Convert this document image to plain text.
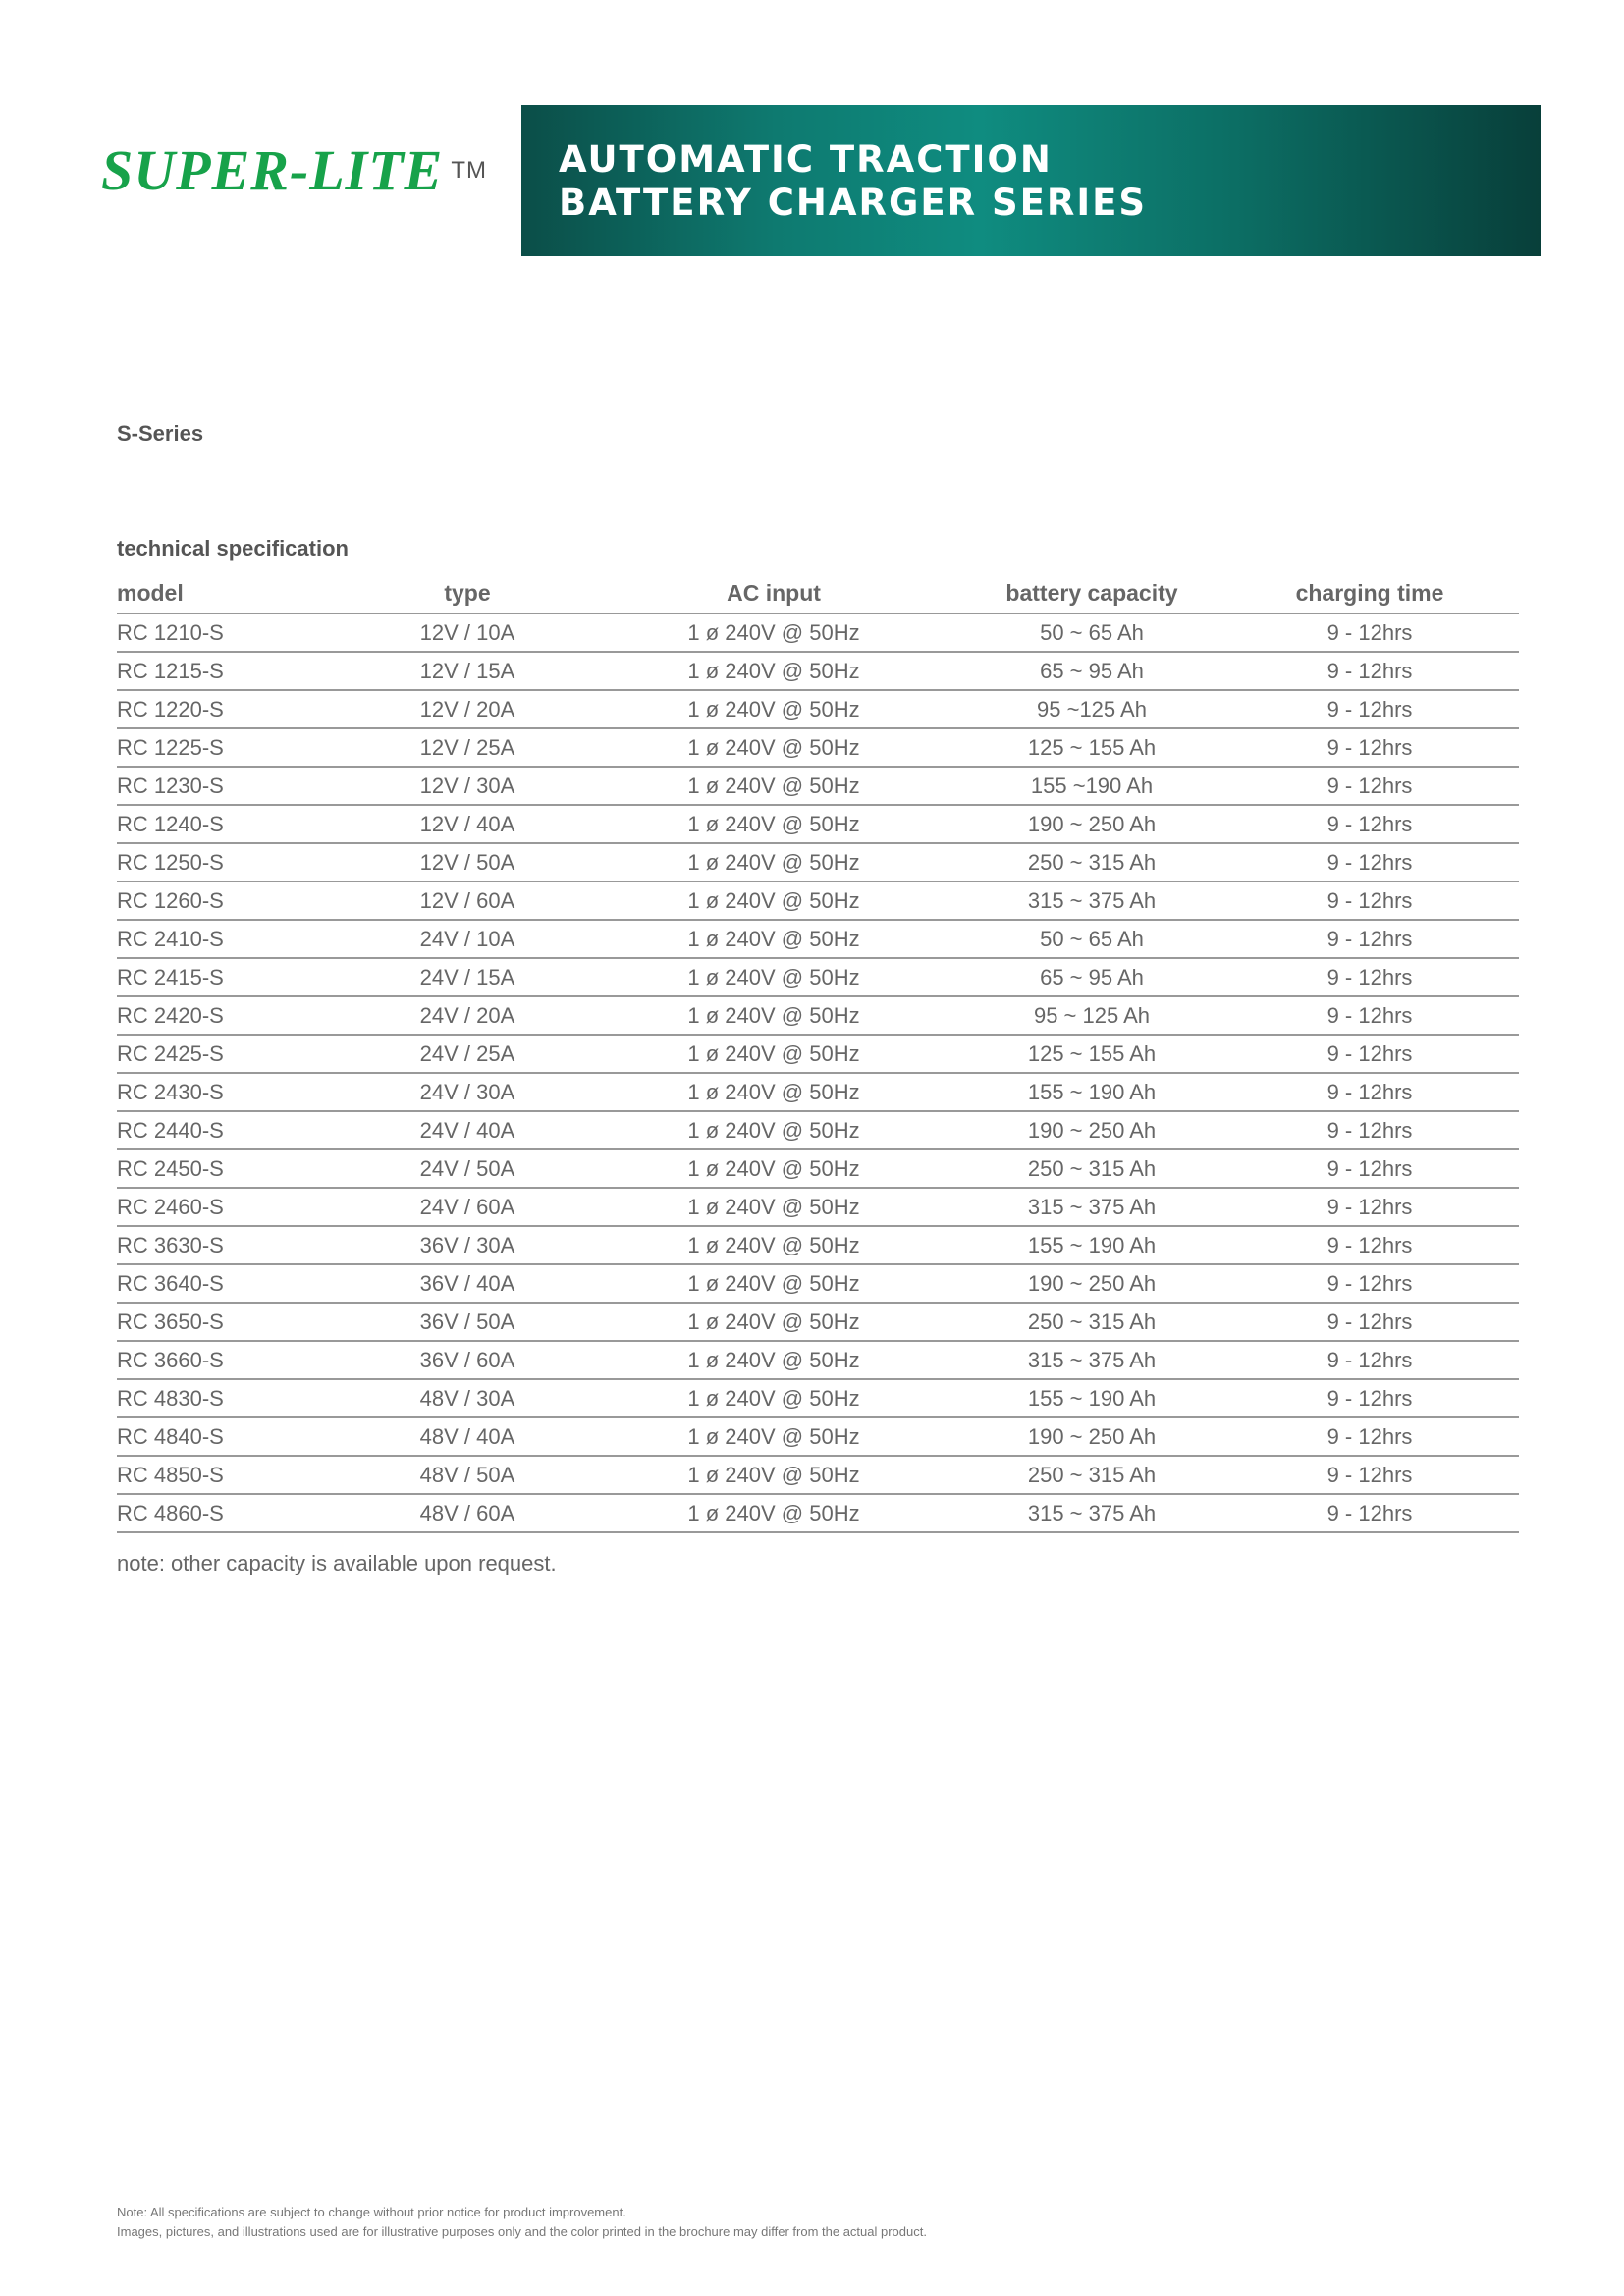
SUPER-LITE ™ AUTOMATIC TRACTION
BATTERY CHARGER SERIES
S-Series
technical specification
model	type	AC input	battery capacity	charging time
RC 1210-S	12V / 10A	1 ø 240V @ 50Hz	50 ~ 65 Ah	9 - 12hrs
RC 1215-S	12V / 15A	1 ø 240V @ 50Hz	65 ~ 95 Ah	9 - 12hrs
RC 1220-S	12V / 20A	1 ø 240V @ 50Hz	95 ~125 Ah	9 - 12hrs
RC 1225-S	12V / 25A	1 ø 240V @ 50Hz	125 ~ 155 Ah	9 - 12hrs
RC 1230-S	12V / 30A	1 ø 240V @ 50Hz	155 ~190 Ah	9 - 12hrs
RC 1240-S	12V / 40A	1 ø 240V @ 50Hz	190 ~ 250 Ah	9 - 12hrs
RC 1250-S	12V / 50A	1 ø 240V @ 50Hz	250 ~ 315 Ah	9 - 12hrs
RC 1260-S	12V / 60A	1 ø 240V @ 50Hz	315 ~ 375 Ah	9 - 12hrs
RC 2410-S	24V / 10A	1 ø 240V @ 50Hz	50 ~ 65 Ah	9 - 12hrs
RC 2415-S	24V / 15A	1 ø 240V @ 50Hz	65 ~ 95 Ah	9 - 12hrs
RC 2420-S	24V / 20A	1 ø 240V @ 50Hz	95 ~ 125 Ah	9 - 12hrs
RC 2425-S	24V / 25A	1 ø 240V @ 50Hz	125 ~ 155 Ah	9 - 12hrs
RC 2430-S	24V / 30A	1 ø 240V @ 50Hz	155 ~ 190 Ah	9 - 12hrs
RC 2440-S	24V / 40A	1 ø 240V @ 50Hz	190 ~ 250 Ah	9 - 12hrs
RC 2450-S	24V / 50A	1 ø 240V @ 50Hz	250 ~ 315 Ah	9 - 12hrs
RC 2460-S	24V / 60A	1 ø 240V @ 50Hz	315 ~ 375 Ah	9 - 12hrs
RC 3630-S	36V / 30A	1 ø 240V @ 50Hz	155 ~ 190 Ah	9 - 12hrs
RC 3640-S	36V / 40A	1 ø 240V @ 50Hz	190 ~ 250 Ah	9 - 12hrs
RC 3650-S	36V / 50A	1 ø 240V @ 50Hz	250 ~ 315 Ah	9 - 12hrs
RC 3660-S	36V / 60A	1 ø 240V @ 50Hz	315 ~ 375 Ah	9 - 12hrs
RC 4830-S	48V / 30A	1 ø 240V @ 50Hz	155 ~ 190 Ah	9 - 12hrs
RC 4840-S	48V / 40A	1 ø 240V @ 50Hz	190 ~ 250 Ah	9 - 12hrs
RC 4850-S	48V / 50A	1 ø 240V @ 50Hz	250 ~ 315 Ah	9 - 12hrs
RC 4860-S	48V / 60A	1 ø 240V @ 50Hz	315 ~ 375 Ah	9 - 12hrs
note: other capacity is available upon request.
Note: All specifications are subject to change without prior notice for product improvement.
Images, pictures, and illustrations used are for illustrative purposes only and the color printed in the brochure may differ from the actual product.
